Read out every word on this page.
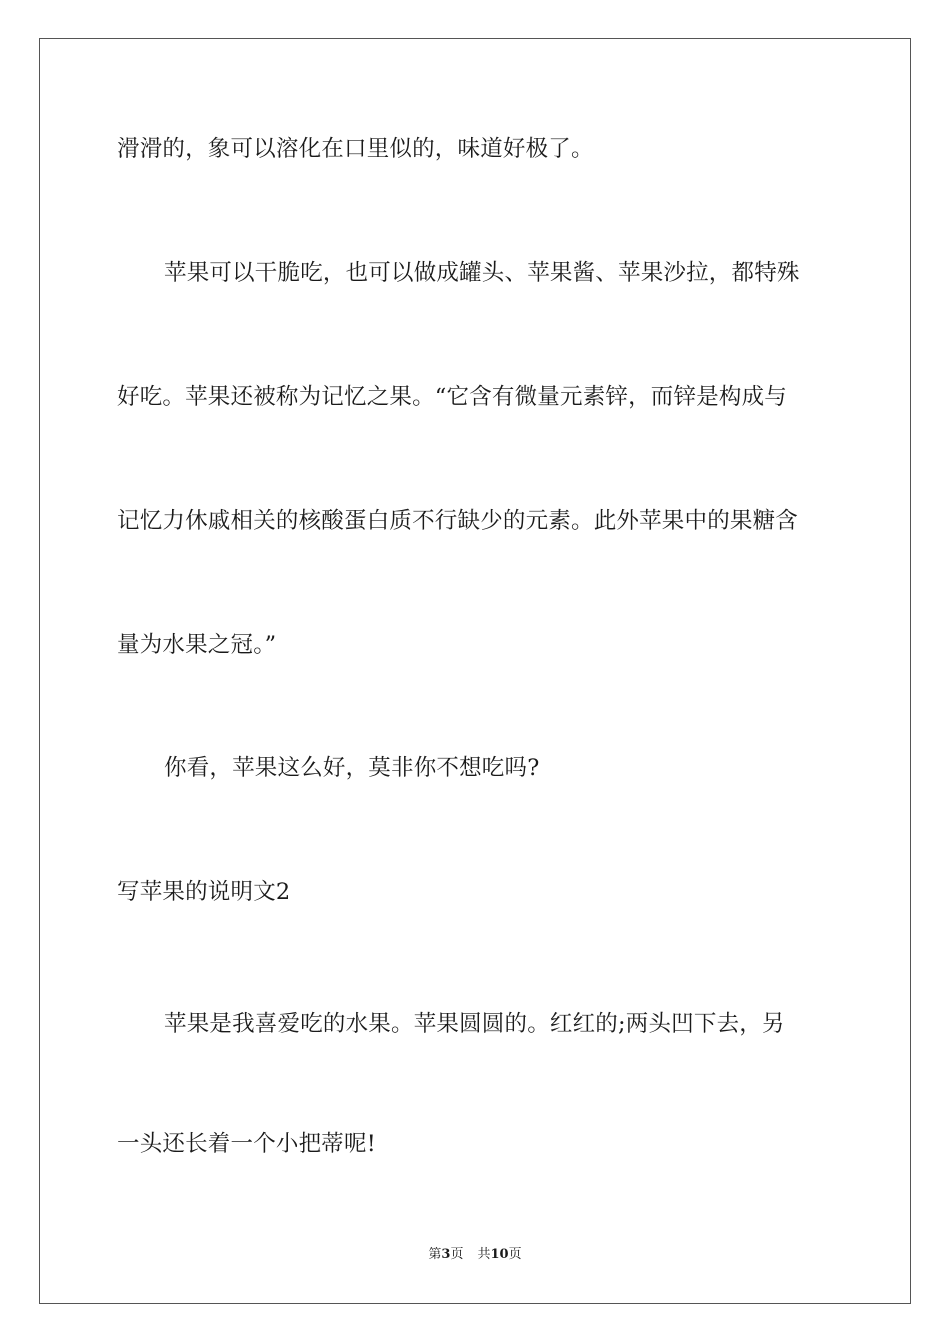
滑滑的，象可以溶化在口里似的，味道好极了。
苹果可以干脆吃，也可以做成罐头、苹果酱、苹果沙拉，都特殊
好吃。苹果还被称为记忆之果。“它含有微量元素锌，而锌是构成与
记忆力休戚相关的核酸蛋白质不行缺少的元素。此外苹果中的果糖含
量为水果之冠。”
你看，苹果这么好，莫非你不想吃吗?
写苹果的说明文2
苹果是我喜爱吃的水果。苹果圆圆的。红红的;两头凹下去，另
一头还长着一个小把蒂呢!
第3页 共10页
